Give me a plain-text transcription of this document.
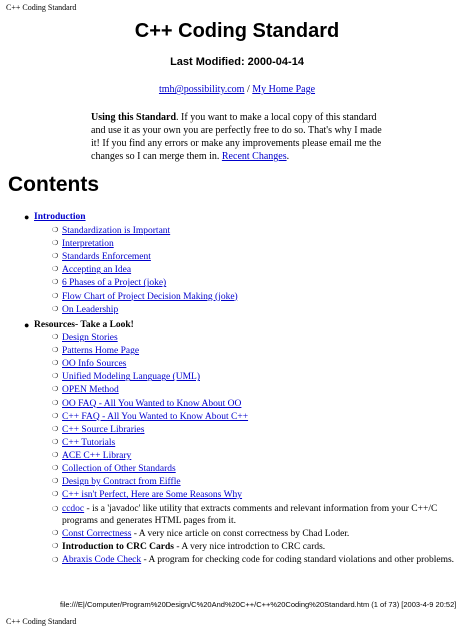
C++ Coding Standard
C++ Coding Standard
Last Modified: 2000-04-14
tmh@possibility.com / My Home Page
Using this Standard. If you want to make a local copy of this standard and use it as your own you are perfectly free to do so. That's why I made it! If you find any errors or make any improvements please email me the changes so I can merge them in. Recent Changes.
Contents
● Introduction
❍ Standardization is Important
❍ Interpretation
❍ Standards Enforcement
❍ Accepting an Idea
❍ 6 Phases of a Project (joke)
❍ Flow Chart of Project Decision Making (joke)
❍ On Leadership
● Resources- Take a Look!
❍ Design Stories
❍ Patterns Home Page
❍ OO Info Sources
❍ Unified Modeling Language (UML)
❍ OPEN Method
❍ OO FAQ - All You Wanted to Know About OO
❍ C++ FAQ - All You Wanted to Know About C++
❍ C++ Source Libraries
❍ C++ Tutorials
❍ ACE C++ Library
❍ Collection of Other Standards
❍ Design by Contract from Eiffle
❍ C++ isn't Perfect, Here are Some Reasons Why
❍ ccdoc - is a 'javadoc' like utility that extracts comments and relevant information from your C++/C programs and generates HTML pages from it.
❍ Const Correctness - A very nice article on const correctness by Chad Loder.
❍ Introduction to CRC Cards - A very nice introdction to CRC cards.
❍ Abraxis Code Check - A program for checking code for coding standard violations and other problems.
file:///E|/Computer/Program%20Design/C%20And%20C++/C++%20Coding%20Standard.htm (1 of 73) [2003-4-9 20:52]
C++ Coding Standard
